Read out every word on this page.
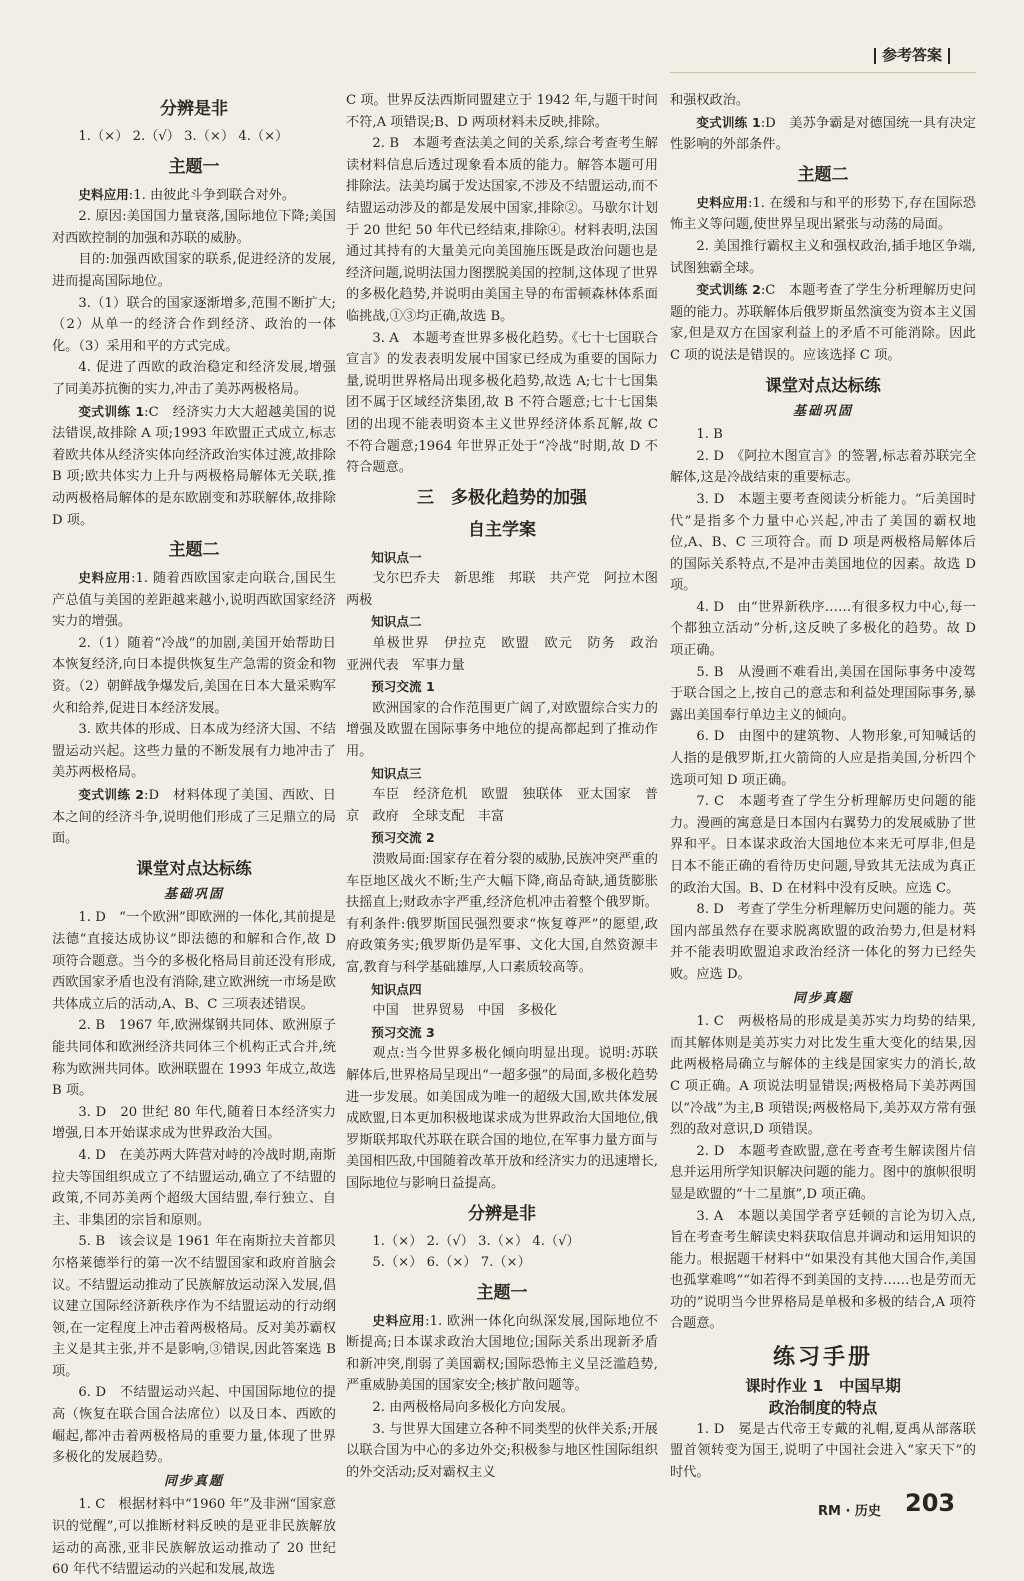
参考答案
分辨是非

1.（×） 2.（√） 3.（×） 4.（×）

主题一

史料应用:1. 由彼此斗争到联合对外。

2. 原因:美国国力量衰落,国际地位下降;美国对西欧控制的加强和苏联的威胁。

目的:加强西欧国家的联系,促进经济的发展,进而提高国际地位。

3.（1）联合的国家逐渐增多,范围不断扩大;（2）从单一的经济合作到经济、政治的一体化。（3）采用和平的方式完成。

4. 促进了西欧的政治稳定和经济发展,增强了同美苏抗衡的实力,冲击了美苏两极格局。

变式训练 1:C　经济实力大大超越美国的说法错误,故排除 A 项;1993 年欧盟正式成立,标志着欧共体从经济实体向经济政治实体过渡,故排除 B 项;欧共体实力上升与两极格局解体无关联,推动两极格局解体的是东欧剧变和苏联解体,故排除 D 项。

主题二

史料应用:1. 随着西欧国家走向联合,国民生产总值与美国的差距越来越小,说明西欧国家经济实力的增强。

2.（1）随着“冷战”的加剧,美国开始帮助日本恢复经济,向日本提供恢复生产急需的资金和物资。（2）朝鲜战争爆发后,美国在日本大量采购军火和给养,促进日本经济发展。

3. 欧共体的形成、日本成为经济大国、不结盟运动兴起。这些力量的不断发展有力地冲击了美苏两极格局。

变式训练 2:D　材料体现了美国、西欧、日本之间的经济斗争,说明他们形成了三足鼎立的局面。

课堂对点达标练
基础巩固

1. D　“一个欧洲”即欧洲的一体化,其前提是法德“直接达成协议”即法德的和解和合作,故 D 项符合题意。当今的多极化格局目前还没有形成,西欧国家矛盾也没有消除,建立欧洲统一市场是欧共体成立后的活动,A、B、C 三项表述错误。

2. B　1967 年,欧洲煤钢共同体、欧洲原子能共同体和欧洲经济共同体三个机构正式合并,统称为欧洲共同体。欧洲联盟在 1993 年成立,故选 B 项。

3. D　20 世纪 80 年代,随着日本经济实力增强,日本开始谋求成为世界政治大国。

4. D　在美苏两大阵营对峙的冷战时期,南斯拉夫等国组织成立了不结盟运动,确立了不结盟的政策,不同苏美两个超级大国结盟,奉行独立、自主、非集团的宗旨和原则。

5. B　该会议是 1961 年在南斯拉夫首都贝尔格莱德举行的第一次不结盟国家和政府首脑会议。不结盟运动推动了民族解放运动深入发展,倡议建立国际经济新秩序作为不结盟运动的行动纲领,在一定程度上冲击着两极格局。反对美苏霸权主义是其主张,并不是影响,③错误,因此答案选 B 项。

6. D　不结盟运动兴起、中国国际地位的提高（恢复在联合国合法席位）以及日本、西欧的崛起,都冲击着两极格局的重要力量,体现了世界多极化的发展趋势。

同步真题

1. C　根据材料中“1960 年”及非洲“国家意识的觉醒”,可以推断材料反映的是亚非民族解放运动的高涨,亚非民族解放运动推动了 20 世纪 60 年代不结盟运动的兴起和发展,故选

C 项。世界反法西斯同盟建立于 1942 年,与题干时间不符,A 项错误;B、D 两项材料未反映,排除。

2. B　本题考查法美之间的关系,综合考查考生解读材料信息后透过现象看本质的能力。解答本题可用排除法。法美均属于发达国家,不涉及不结盟运动,而不结盟运动涉及的都是发展中国家,排除②。马歇尔计划于 20 世纪 50 年代已经结束,排除④。材料表明,法国通过其持有的大量美元向美国施压既是政治问题也是经济问题,说明法国力图摆脱美国的控制,这体现了世界的多极化趋势,并说明由美国主导的布雷顿森林体系面临挑战,①③均正确,故选 B。

3. A　本题考查世界多极化趋势。《七十七国联合宣言》的发表表明发展中国家已经成为重要的国际力量,说明世界格局出现多极化趋势,故选 A;七十七国集团不属于区域经济集团,故 B 不符合题意;七十七国集团的出现不能表明资本主义世界经济体系瓦解,故 C 不符合题意;1964 年世界正处于“冷战”时期,故 D 不符合题意。

三　多极化趋势的加强
自主学案
知识点一

戈尔巴乔夫　新思维　邦联　共产党　阿拉木图　两极

知识点二

单极世界　伊拉克　欧盟　欧元　防务　政治　亚洲代表　军事力量

预习交流 1

欧洲国家的合作范围更广阔了,对欧盟综合实力的增强及欧盟在国际事务中地位的提高都起到了推动作用。

知识点三

车臣　经济危机　欧盟　独联体　亚太国家　普京　政府　全球支配　丰富

预习交流 2

溃败局面:国家存在着分裂的威胁,民族冲突严重的车臣地区战火不断;生产大幅下降,商品奇缺,通货膨胀扶摇直上;财政赤字严重,经济危机冲击着整个俄罗斯。有利条件:俄罗斯国民强烈要求“恢复尊严”的愿望,政府政策务实;俄罗斯仍是军事、文化大国,自然资源丰富,教育与科学基础雄厚,人口素质较高等。

知识点四

中国　世界贸易　中国　多极化

预习交流 3

观点:当今世界多极化倾向明显出现。说明:苏联解体后,世界格局呈现出“一超多强”的局面,多极化趋势进一步发展。如美国成为唯一的超级大国,欧共体发展成欧盟,日本更加积极地谋求成为世界政治大国地位,俄罗斯联邦取代苏联在联合国的地位,在军事力量方面与美国相匹敌,中国随着改革开放和经济实力的迅速增长,国际地位与影响日益提高。

分辨是非

1.（×） 2.（√） 3.（×） 4.（√）

5.（×） 6.（×） 7.（×）

主题一

史料应用:1. 欧洲一体化向纵深发展,国际地位不断提高;日本谋求政治大国地位;国际关系出现新矛盾和新冲突,削弱了美国霸权;国际恐怖主义呈泛滥趋势,严重威胁美国的国家安全;核扩散问题等。

2. 由两极格局向多极化方向发展。

3. 与世界大国建立各种不同类型的伙伴关系;开展以联合国为中心的多边外交;积极参与地区性国际组织的外交活动;反对霸权主义

和强权政治。

变式训练 1:D　美苏争霸是对德国统一具有决定性影响的外部条件。

主题二

史料应用:1. 在缓和与和平的形势下,存在国际恐怖主义等问题,使世界呈现出紧张与动荡的局面。

2. 美国推行霸权主义和强权政治,插手地区争端,试图独霸全球。

变式训练 2:C　本题考查了学生分析理解历史问题的能力。苏联解体后俄罗斯虽然演变为资本主义国家,但是双方在国家利益上的矛盾不可能消除。因此 C 项的说法是错误的。应该选择 C 项。

课堂对点达标练
基础巩固

1. B

2. D　《阿拉木图宣言》的签署,标志着苏联完全解体,这是冷战结束的重要标志。

3. D　本题主要考查阅读分析能力。“后美国时代”是指多个力量中心兴起,冲击了美国的霸权地位,A、B、C 三项符合。而 D 项是两极格局解体后的国际关系特点,不是冲击美国地位的因素。故选 D 项。

4. D　由“世界新秩序……有很多权力中心,每一个都独立活动”分析,这反映了多极化的趋势。故 D 项正确。

5. B　从漫画不难看出,美国在国际事务中凌驾于联合国之上,按自己的意志和利益处理国际事务,暴露出美国奉行单边主义的倾向。

6. D　由图中的建筑物、人物形象,可知喊话的人指的是俄罗斯,扛火箭筒的人应是指美国,分析四个选项可知 D 项正确。

7. C　本题考查了学生分析理解历史问题的能力。漫画的寓意是日本国内右翼势力的发展威胁了世界和平。日本谋求政治大国地位本来无可厚非,但是日本不能正确的看待历史问题,导致其无法成为真正的政治大国。B、D 在材料中没有反映。应选 C。

8. D　考查了学生分析理解历史问题的能力。英国内部虽然存在要求脱离欧盟的政治势力,但是材料并不能表明欧盟追求政治经济一体化的努力已经失败。应选 D。

同步真题

1. C　两极格局的形成是美苏实力均势的结果,而其解体则是美苏实力对比发生重大变化的结果,因此两极格局确立与解体的主线是国家实力的消长,故 C 项正确。A 项说法明显错误;两极格局下美苏两国以“冷战”为主,B 项错误;两极格局下,美苏双方常有强烈的敌对意识,D 项错误。

2. D　本题考查欧盟,意在考查考生解读图片信息并运用所学知识解决问题的能力。图中的旗帜很明显是欧盟的“十二星旗”,D 项正确。

3. A　本题以美国学者亨廷顿的言论为切入点,旨在考查考生解读史料获取信息并调动和运用知识的能力。根据题干材料中“如果没有其他大国合作,美国也孤掌难鸣”“如若得不到美国的支持……也是劳而无功的”说明当今世界格局是单极和多极的结合,A 项符合题意。

练习手册
课时作业 1　中国早期
政治制度的特点

1. D　冕是古代帝王专戴的礼帽,夏禹从部落联盟首领转变为国王,说明了中国社会进入“家天下”的时代。

RM · 历史 203
